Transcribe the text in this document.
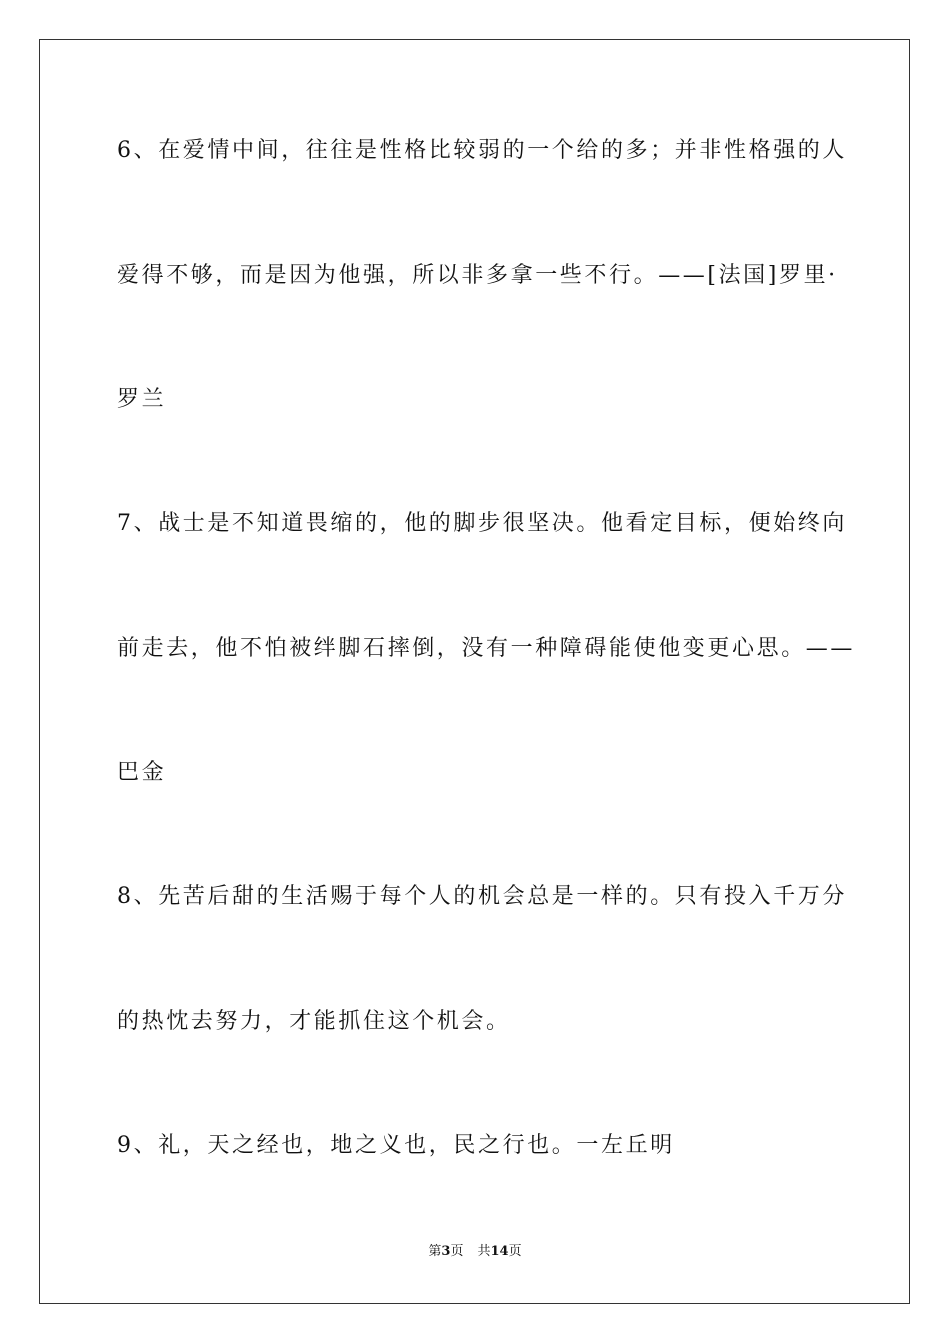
6、在爱情中间，往往是性格比较弱的一个给的多；并非性格强的人
爱得不够，而是因为他强，所以非多拿一些不行。——[法国]罗里·
罗兰
7、战士是不知道畏缩的，他的脚步很坚决。他看定目标，便始终向
前走去，他不怕被绊脚石摔倒，没有一种障碍能使他变更心思。——
巴金
8、先苦后甜的生活赐于每个人的机会总是一样的。只有投入千万分
的热忱去努力，才能抓住这个机会。
9、礼，天之经也，地之义也，民之行也。一左丘明
第3页 共14页
